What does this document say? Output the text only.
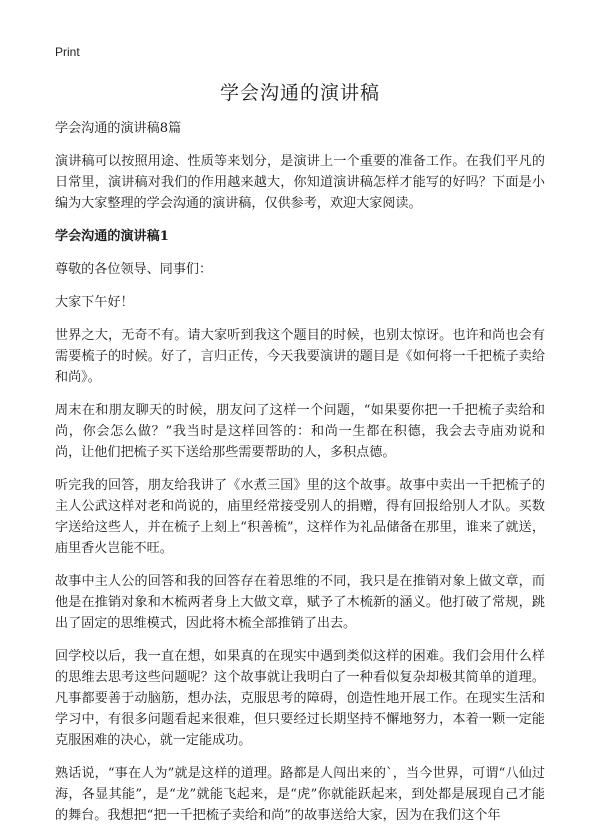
Print
学会沟通的演讲稿

学会沟通的演讲稿8篇

演讲稿可以按照用途、性质等来划分，是演讲上一个重要的准备工作。在我们平凡的日常里，演讲稿对我们的作用越来越大，你知道演讲稿怎样才能写的好吗？下面是小编为大家整理的学会沟通的演讲稿，仅供参考，欢迎大家阅读。

学会沟通的演讲稿1

尊敬的各位领导、同事们：

大家下午好！

世界之大，无奇不有。请大家听到我这个题目的时候，也别太惊讶。也许和尚也会有需要梳子的时候。好了，言归正传，今天我要演讲的题目是《如何将一千把梳子卖给和尚》。

周末在和朋友聊天的时候，朋友问了这样一个问题，“如果要你把一千把梳子卖给和尚，你会怎么做？”我当时是这样回答的：和尚一生都在积德，我会去寺庙劝说和尚，让他们把梳子买下送给那些需要帮助的人，多积点德。

听完我的回答，朋友给我讲了《水煮三国》里的这个故事。故事中卖出一千把梳子的主人公武这样对老和尚说的，庙里经常接受别人的捐赠，得有回报给别人才队。买数字送给这些人，并在梳子上刻上“积善梳”，这样作为礼品储备在那里，谁来了就送，庙里香火岂能不旺。

故事中主人公的回答和我的回答存在着思维的不同，我只是在推销对象上做文章，而他是在推销对象和木梳两者身上大做文章，赋予了木梳新的涵义。他打破了常规，跳出了固定的思维模式，因此将木梳全部推销了出去。

回学校以后，我一直在想，如果真的在现实中遇到类似这样的困难。我们会用什么样的思维去思考这些问题呢？这个故事就让我明白了一种看似复杂却极其简单的道理。凡事都要善于动脑筋，想办法，克服思考的障碍，创造性地开展工作。在现实生活和学习中，有很多问题看起来很难，但只要经过长期坚持不懈地努力，本着一颗一定能克服困难的决心，就一定能成功。

熟话说，“事在人为”就是这样的道理。路都是人闯出来的`，当今世界，可谓“八仙过海，各显其能”，是“龙”就能飞起来，是“虎”你就能跃起来，到处都是展现自己才能的舞台。我想把“把一千把梳子卖给和尚”的故事送给大家，因为在我们这个年
